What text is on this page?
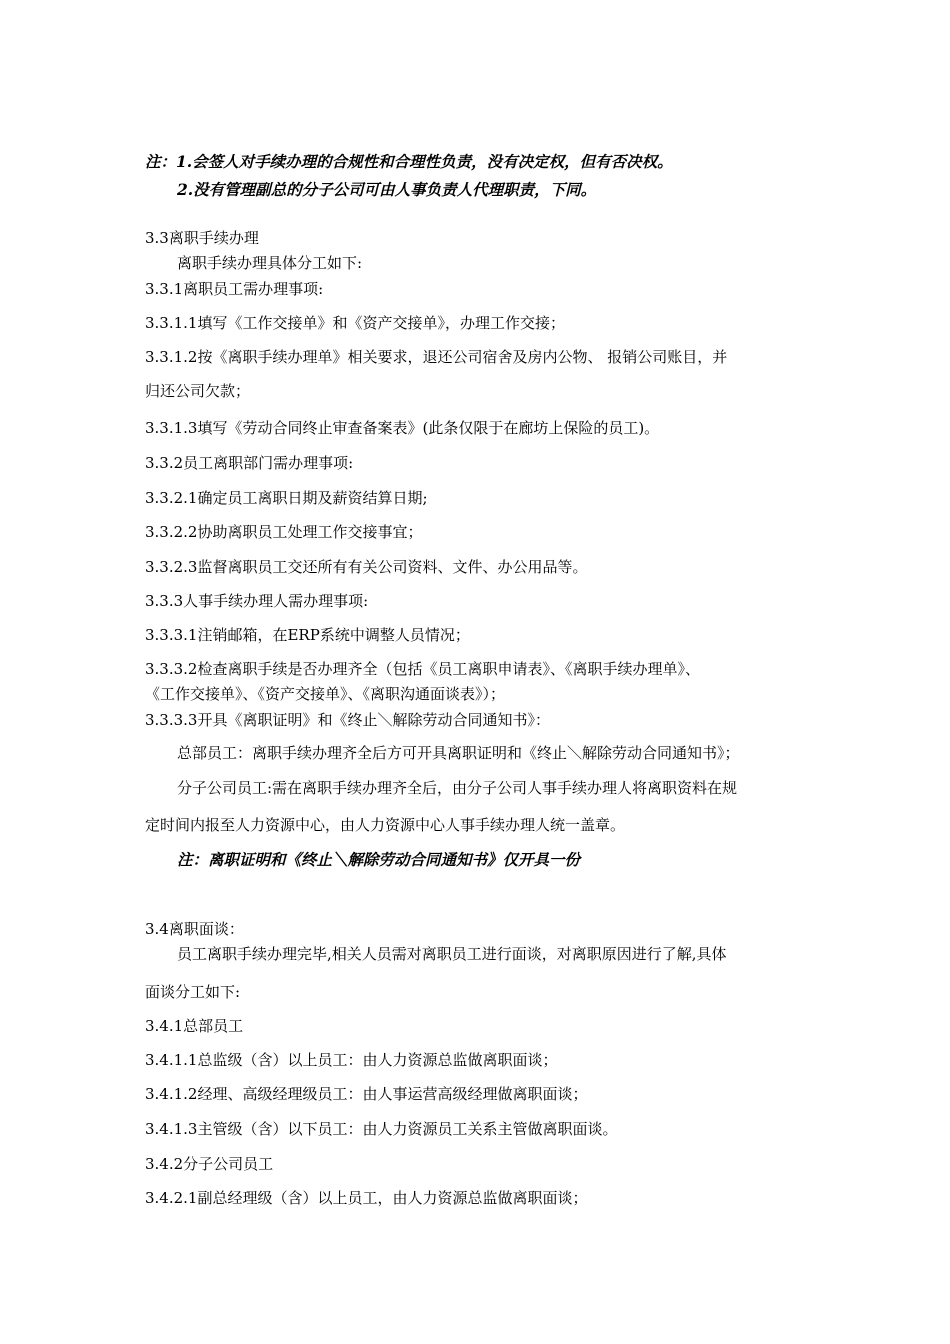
注：1.会签人对手续办理的合规性和合理性负责，没有决定权，但有否决权。
2.没有管理副总的分子公司可由人事负责人代理职责，下同。
3.3离职手续办理
离职手续办理具体分工如下:
3.3.1离职员工需办理事项:
3.3.1.1填写《工作交接单》和《资产交接单》，办理工作交接；
3.3.1.2按《离职手续办理单》相关要求，退还公司宿舍及房内公物、 报销公司账目，并
归还公司欠款；
3.3.1.3填写《劳动合同终止审查备案表》(此条仅限于在廊坊上保险的员工)。
3.3.2员工离职部门需办理事项:
3.3.2.1确定员工离职日期及薪资结算日期;
3.3.2.2协助离职员工处理工作交接事宜；
3.3.2.3监督离职员工交还所有有关公司资料、文件、办公用品等。
3.3.3人事手续办理人需办理事项:
3.3.3.1注销邮箱，在ERP系统中调整人员情况；
3.3.3.2检查离职手续是否办理齐全（包括《员工离职申请表》、《离职手续办理单》、
《工作交接单》、《资产交接单》、《离职沟通面谈表》）；
3.3.3.3开具《离职证明》和《终止＼解除劳动合同通知书》：
总部员工：离职手续办理齐全后方可开具离职证明和《终止＼解除劳动合同通知书》；
分子公司员工:需在离职手续办理齐全后，由分子公司人事手续办理人将离职资料在规
定时间内报至人力资源中心，由人力资源中心人事手续办理人统一盖章。
注：离职证明和《终止＼解除劳动合同通知书》仅开具一份
3.4离职面谈：
员工离职手续办理完毕,相关人员需对离职员工进行面谈，对离职原因进行了解,具体
面谈分工如下:
3.4.1总部员工
3.4.1.1总监级（含）以上员工：由人力资源总监做离职面谈；
3.4.1.2经理、高级经理级员工：由人事运营高级经理做离职面谈；
3.4.1.3主管级（含）以下员工：由人力资源员工关系主管做离职面谈。
3.4.2分子公司员工
3.4.2.1副总经理级（含）以上员工，由人力资源总监做离职面谈；
